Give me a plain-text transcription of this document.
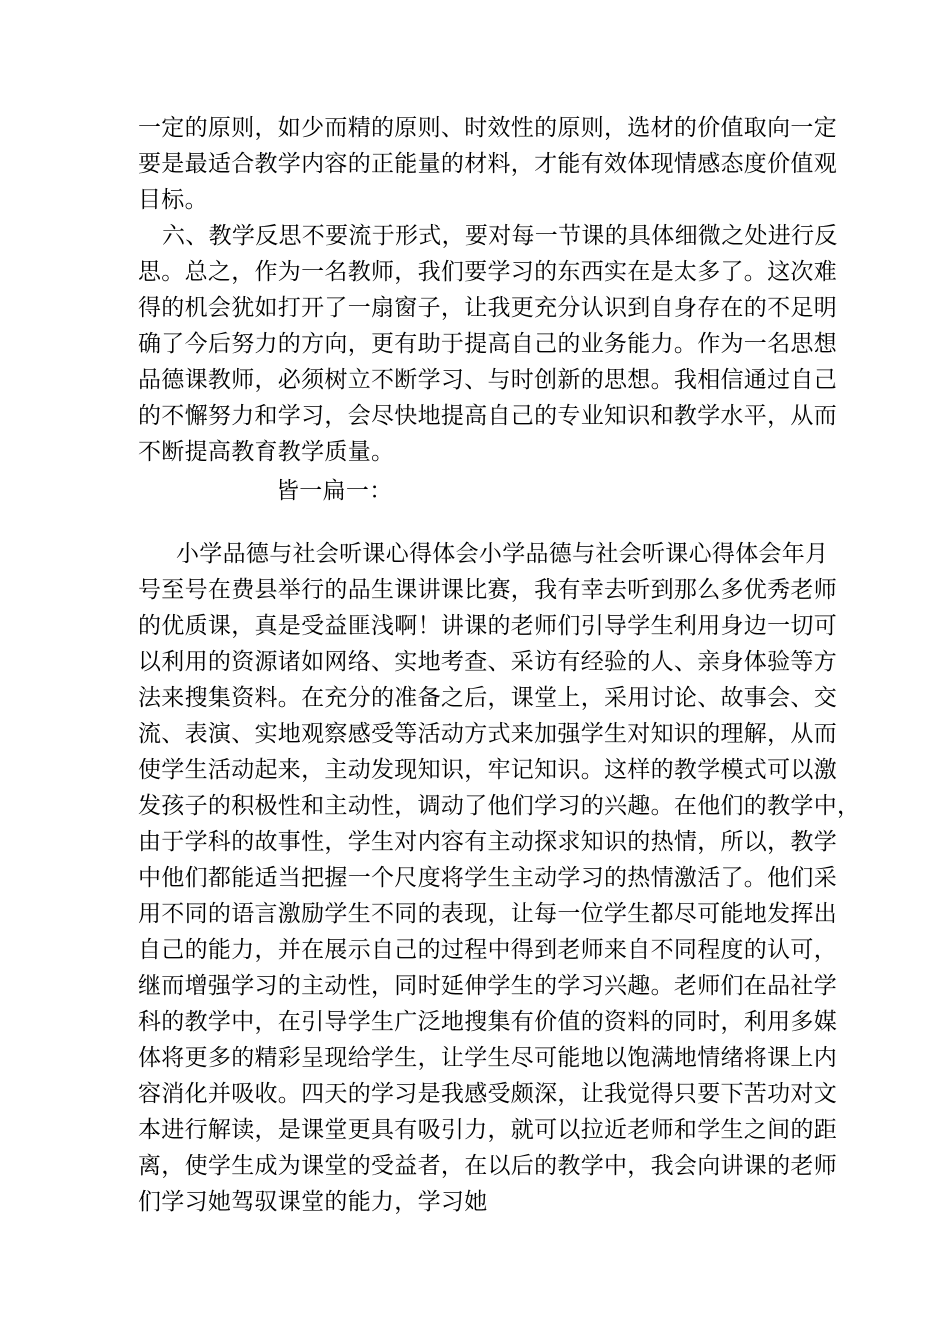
一定的原则，如少而精的原则、时效性的原则，选材的价值取向一定
要是最适合教学内容的正能量的材料，才能有效体现情感态度价值观
目标。
六、教学反思不要流于形式，要对每一节课的具体细微之处进行反
思。总之，作为一名教师，我们要学习的东西实在是太多了。这次难
得的机会犹如打开了一扇窗子，让我更充分认识到自身存在的不足明
确了今后努力的方向，更有助于提高自己的业务能力。作为一名思想
品德课教师，必须树立不断学习、与时创新的思想。我相信通过自己
的不懈努力和学习，会尽快地提高自己的专业知识和教学水平，从而
不断提高教育教学质量。
皆一扁一：
小学品德与社会听课心得体会小学品德与社会听课心得体会年月
号至号在费县举行的品生课讲课比赛，我有幸去听到那么多优秀老师
的优质课，真是受益匪浅啊！讲课的老师们引导学生利用身边一切可
以利用的资源诸如网络、实地考查、采访有经验的人、亲身体验等方
法来搜集资料。在充分的准备之后，课堂上，采用讨论、故事会、交
流、表演、实地观察感受等活动方式来加强学生对知识的理解，从而
使学生活动起来，主动发现知识，牢记知识。这样的教学模式可以激
发孩子的积极性和主动性，调动了他们学习的兴趣。在他们的教学中，
由于学科的故事性，学生对内容有主动探求知识的热情，所以，教学
中他们都能适当把握一个尺度将学生主动学习的热情激活了。他们采
用不同的语言激励学生不同的表现，让每一位学生都尽可能地发挥出
自己的能力，并在展示自己的过程中得到老师来自不同程度的认可，
继而增强学习的主动性，同时延伸学生的学习兴趣。老师们在品社学
科的教学中，在引导学生广泛地搜集有价值的资料的同时，利用多媒
体将更多的精彩呈现给学生，让学生尽可能地以饱满地情绪将课上内
容消化并吸收。四天的学习是我感受颇深，让我觉得只要下苦功对文
本进行解读，是课堂更具有吸引力，就可以拉近老师和学生之间的距
离，使学生成为课堂的受益者，在以后的教学中，我会向讲课的老师
们学习她驾驭课堂的能力，学习她
